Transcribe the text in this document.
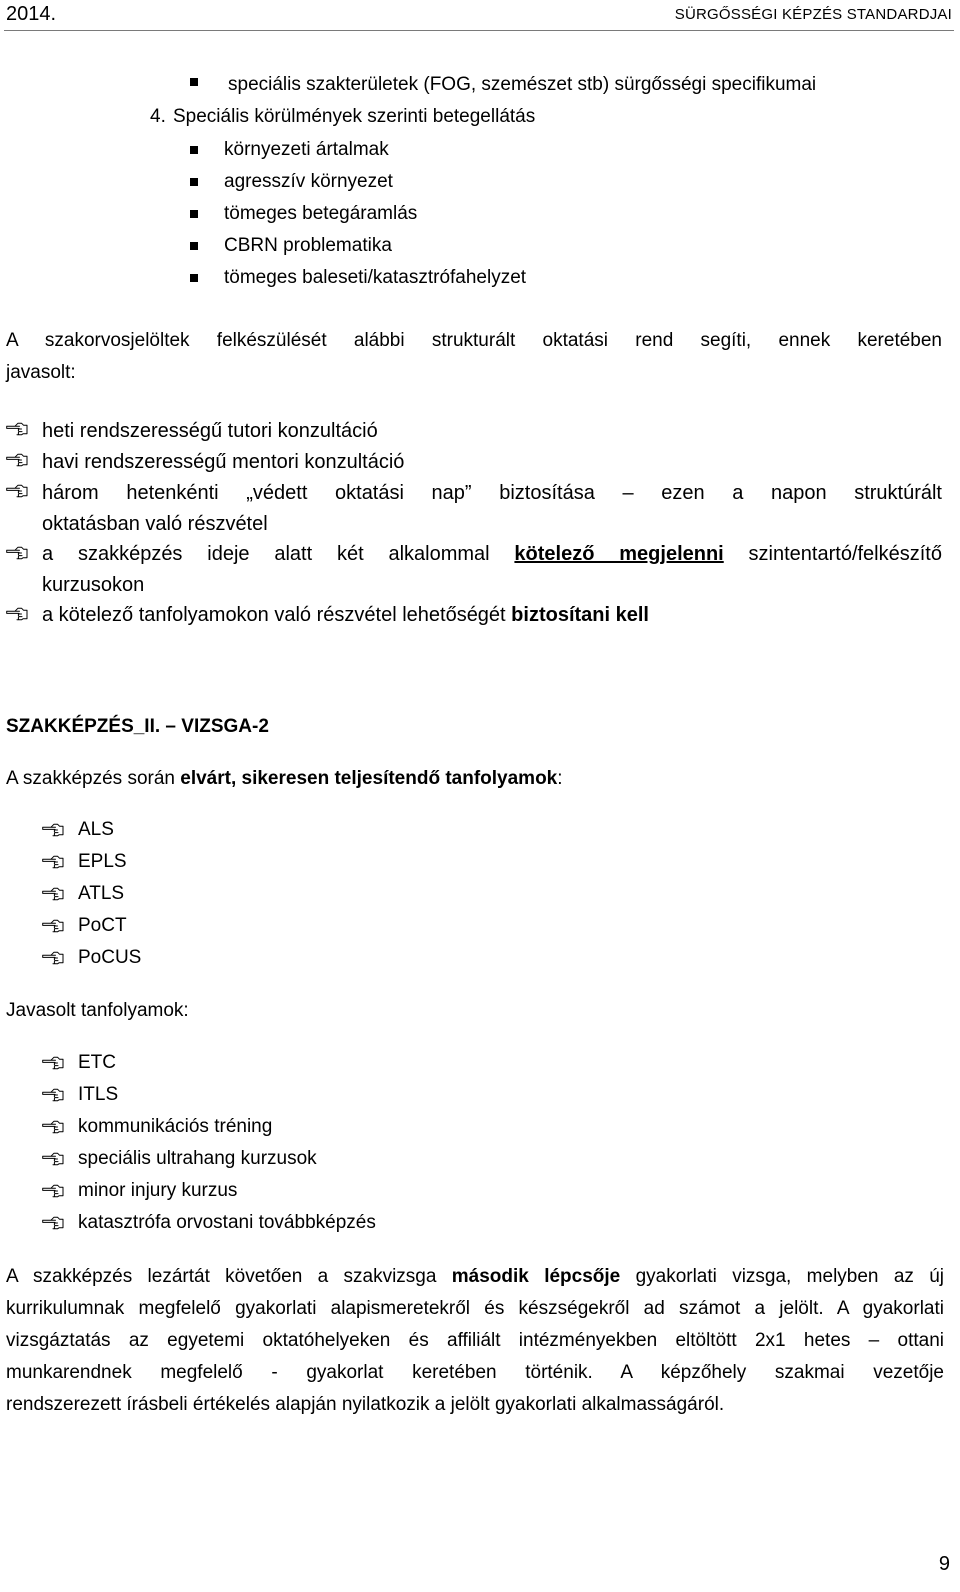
2014.	SÜRGŐSSÉGI KÉPZÉS STANDARDJAI
speciális szakterületek (FOG, szemészet stb) sürgősségi specifikumai
4. Speciális körülmények szerinti betegellátás
környezeti ártalmak
agresszív környezet
tömeges betegáramlás
CBRN problematika
tömeges baleseti/katasztrófahelyzet
A szakorvosjelöltek felkészülését alábbi strukturált oktatási rend segíti, ennek keretében
javasolt:
heti rendszerességű tutori konzultáció
havi rendszerességű mentori konzultáció
három hetenkénti „védett oktatási nap” biztosítása – ezen a napon struktúrált
oktatásban való részvétel
a szakképzés ideje alatt két alkalommal kötelező megjelenni szintentartó/felkészítő
kurzusokon
a kötelező tanfolyamokon való részvétel lehetőségét biztosítani kell
SZAKKÉPZÉS_II. – VIZSGA-2
A szakképzés során elvárt, sikeresen teljesítendő tanfolyamok:
ALS
EPLS
ATLS
PoCT
PoCUS
Javasolt tanfolyamok:
ETC
ITLS
kommunikációs tréning
speciális ultrahang kurzusok
minor injury kurzus
katasztrófa orvostani továbbképzés
A szakképzés lezártát követően a szakvizsga második lépcsője gyakorlati vizsga, melyben az új
kurrikulumnak megfelelő gyakorlati alapismeretekről és készségekről ad számot a jelölt. A gyakorlati
vizsgáztatás az egyetemi oktatóhelyeken és affiliált intézményekben eltöltött 2x1 hetes – ottani
munkarendnek megfelelő - gyakorlat keretében történik. A képzőhely szakmai vezetője
rendszerezett írásbeli értékelés alapján nyilatkozik a jelölt gyakorlati alkalmasságáról.
9
